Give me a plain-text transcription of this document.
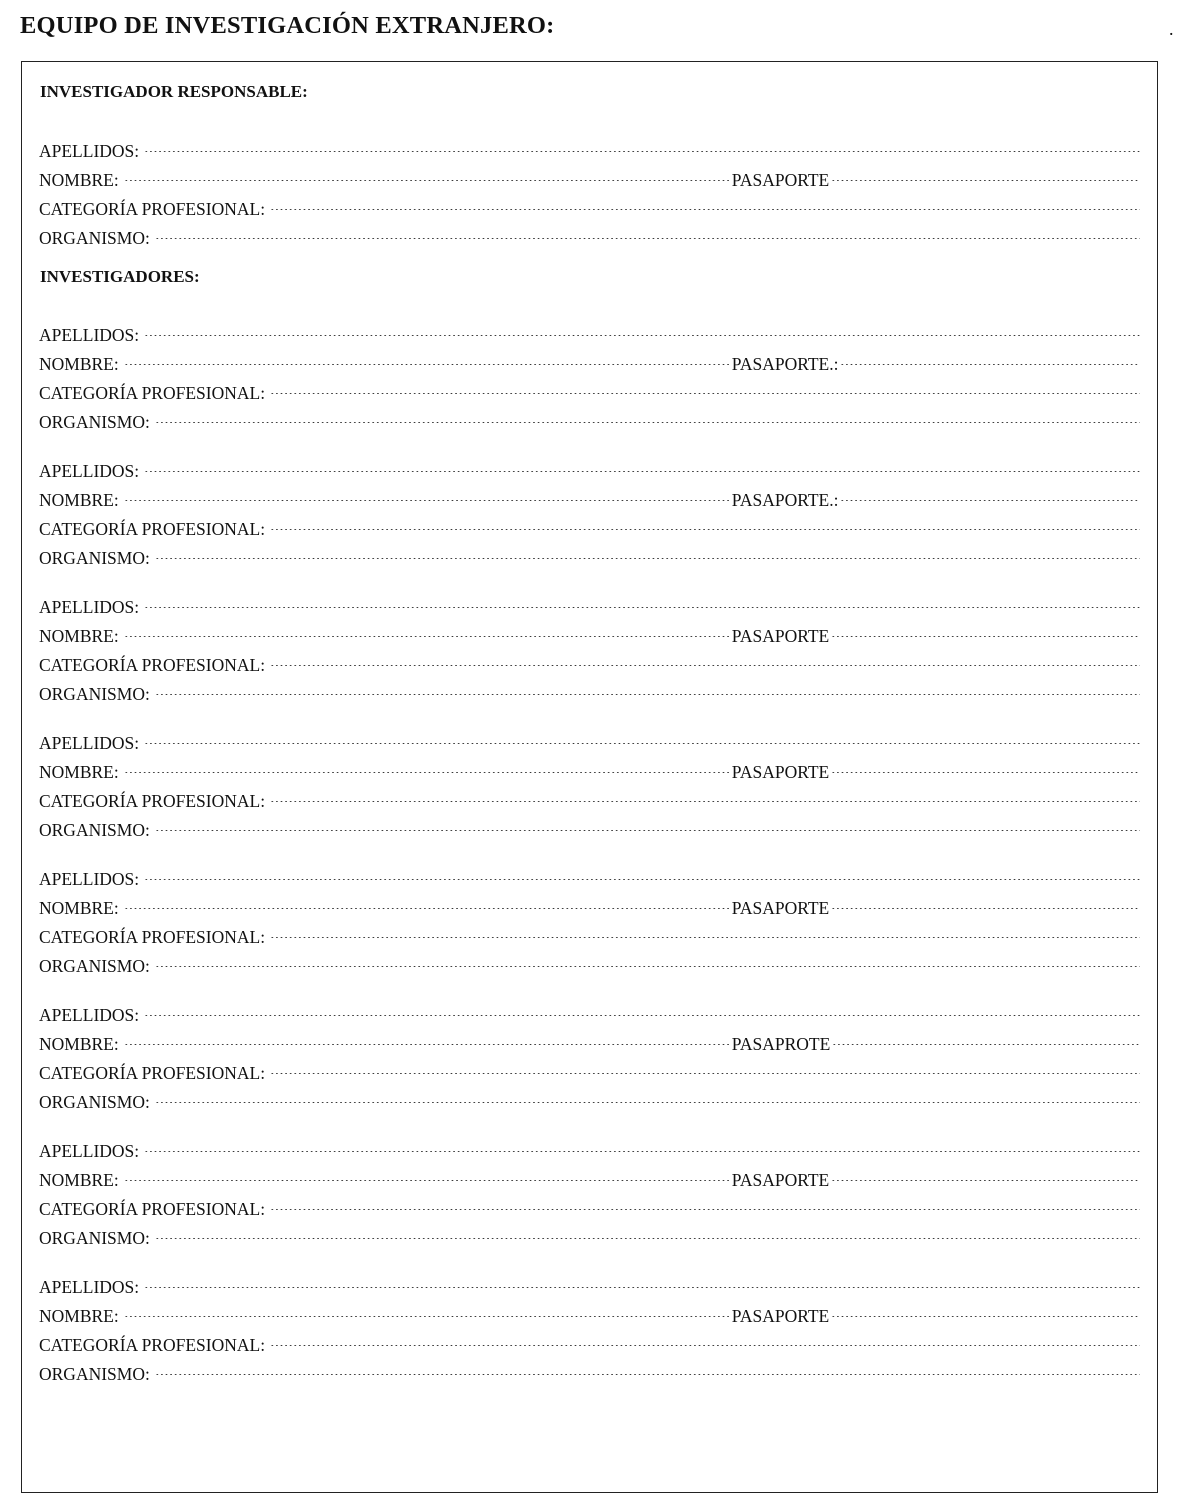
EQUIPO DE INVESTIGACIÓN EXTRANJERO:	.
INVESTIGADOR RESPONSABLE:
APELLIDOS:
NOMBRE:	PASAPORTE
CATEGORÍA PROFESIONAL:
ORGANISMO:
INVESTIGADORES:
APELLIDOS:
NOMBRE:	PASAPORTE.:
CATEGORÍA PROFESIONAL:
ORGANISMO:
APELLIDOS:
NOMBRE:	PASAPORTE.:
CATEGORÍA PROFESIONAL:
ORGANISMO:
APELLIDOS:
NOMBRE:	PASAPORTE
CATEGORÍA PROFESIONAL:
ORGANISMO:
APELLIDOS:
NOMBRE:	PASAPORTE
CATEGORÍA PROFESIONAL:
ORGANISMO:
APELLIDOS:
NOMBRE:	PASAPORTE
CATEGORÍA PROFESIONAL:
ORGANISMO:
APELLIDOS:
NOMBRE:	PASAPROTE
CATEGORÍA PROFESIONAL:
ORGANISMO:
APELLIDOS:
NOMBRE:	PASAPORTE
CATEGORÍA PROFESIONAL:
ORGANISMO:
APELLIDOS:
NOMBRE:	PASAPORTE
CATEGORÍA PROFESIONAL:
ORGANISMO:
